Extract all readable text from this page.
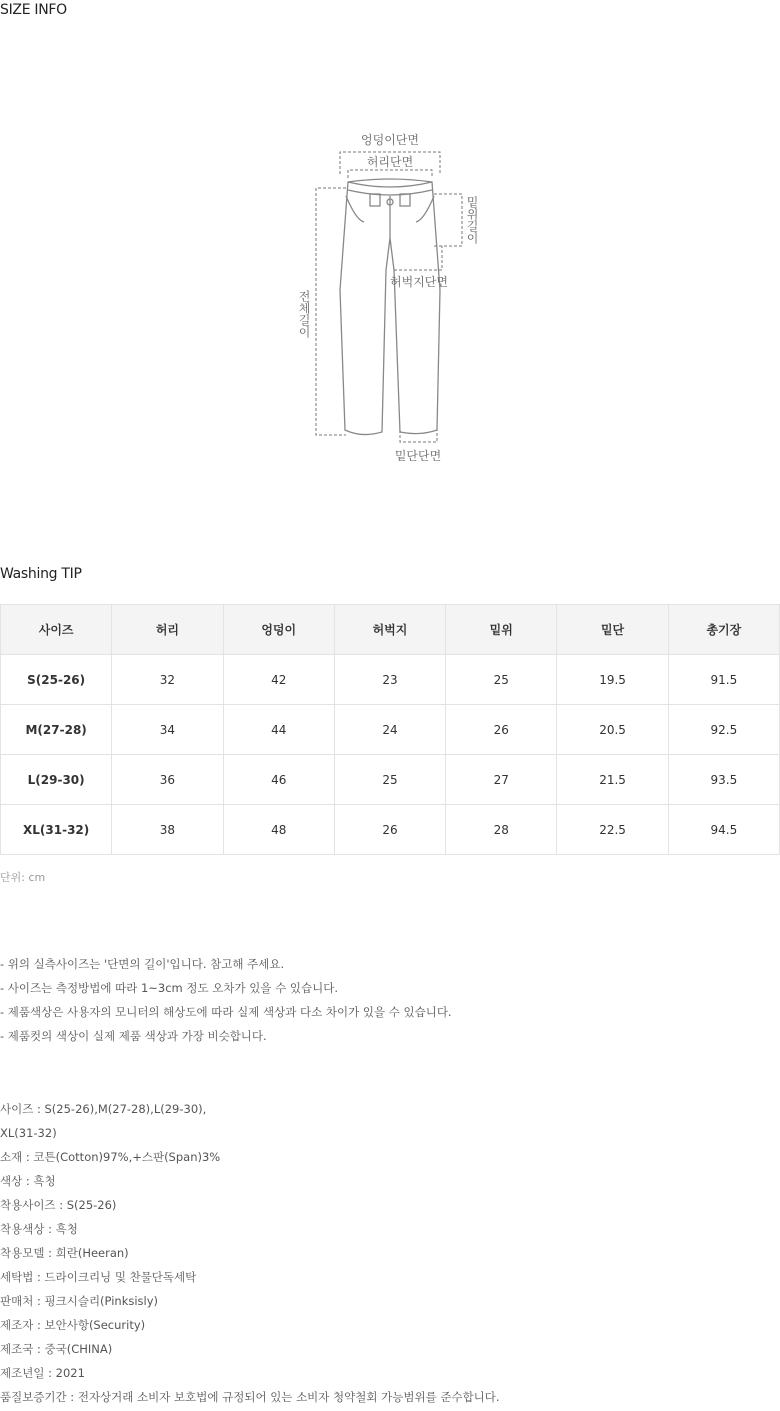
SIZE INFO
엉덩이단면
허리단면
밑위길이
허벅지단면
전체길이
밑단단면
Washing TIP
사이즈	허리	엉덩이	허벅지	밑위	밑단	총기장
S(25-26)	32	42	23	25	19.5	91.5
M(27-28)	34	44	24	26	20.5	92.5
L(29-30)	36	46	25	27	21.5	93.5
XL(31-32)	38	48	26	28	22.5	94.5
단위: cm
- 위의 실측사이즈는 '단면의 길이'입니다. 참고해 주세요.
- 사이즈는 측정방법에 따라 1~3cm 정도 오차가 있을 수 있습니다.
- 제품색상은 사용자의 모니터의 해상도에 따라 실제 색상과 다소 차이가 있을 수 있습니다.
- 제품컷의 색상이 실제 제품 색상과 가장 비슷합니다.
사이즈 : S(25-26),M(27-28),L(29-30),
XL(31-32)
소재 : 코튼(Cotton)97%,+스판(Span)3%
색상 : 흑청
착용사이즈 : S(25-26)
착용색상 : 흑청
착용모델 : 희란(Heeran)
세탁법 : 드라이크리닝 및 찬물단독세탁
판매처 : 핑크시슬리(Pinksisly)
제조자 : 보안사항(Security)
제조국 : 중국(CHINA)
제조년일 : 2021
품질보증기간 : 전자상거래 소비자 보호법에 규정되어 있는 소비자 청약철회 가능범위를 준수합니다.
